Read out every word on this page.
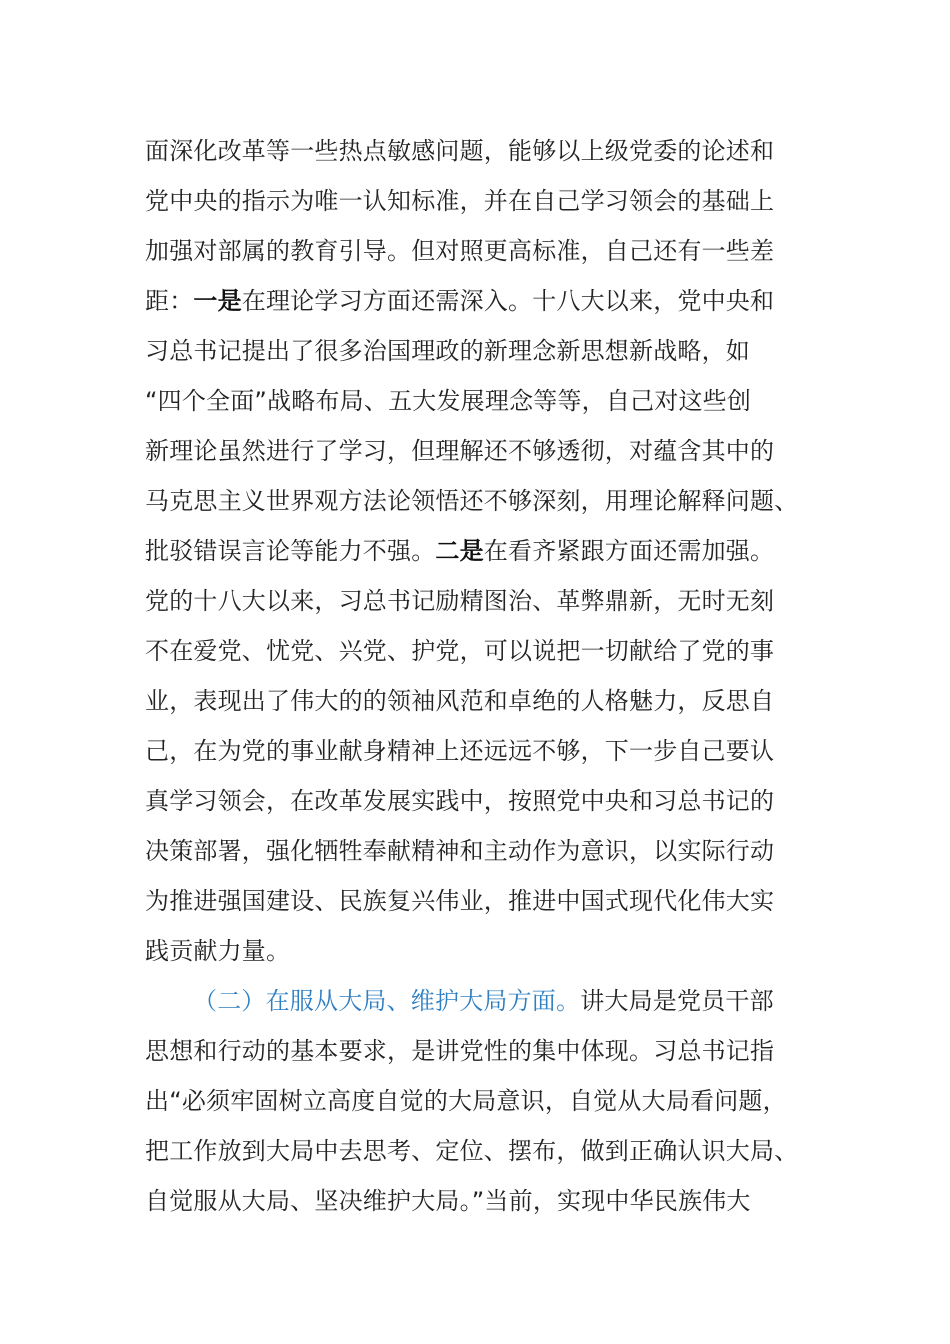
面深化改革等一些热点敏感问题，能够以上级党委的论述和
党中央的指示为唯一认知标准，并在自己学习领会的基础上
加强对部属的教育引导。但对照更高标准，自己还有一些差
距：一是在理论学习方面还需深入。十八大以来，党中央和
习总书记提出了很多治国理政的新理念新思想新战略，如
“四个全面”战略布局、五大发展理念等等，自己对这些创
新理论虽然进行了学习，但理解还不够透彻，对蕴含其中的
马克思主义世界观方法论领悟还不够深刻，用理论解释问题、
批驳错误言论等能力不强。二是在看齐紧跟方面还需加强。
党的十八大以来，习总书记励精图治、革弊鼎新，无时无刻
不在爱党、忧党、兴党、护党，可以说把一切献给了党的事
业，表现出了伟大的的领袖风范和卓绝的人格魅力，反思自
己，在为党的事业献身精神上还远远不够，下一步自己要认
真学习领会，在改革发展实践中，按照党中央和习总书记的
决策部署，强化牺牲奉献精神和主动作为意识，以实际行动
为推进强国建设、民族复兴伟业，推进中国式现代化伟大实
践贡献力量。
（二）在服从大局、维护大局方面。讲大局是党员干部
思想和行动的基本要求，是讲党性的集中体现。习总书记指
出“必须牢固树立高度自觉的大局意识，自觉从大局看问题，
把工作放到大局中去思考、定位、摆布，做到正确认识大局、
自觉服从大局、坚决维护大局。”当前，实现中华民族伟大
